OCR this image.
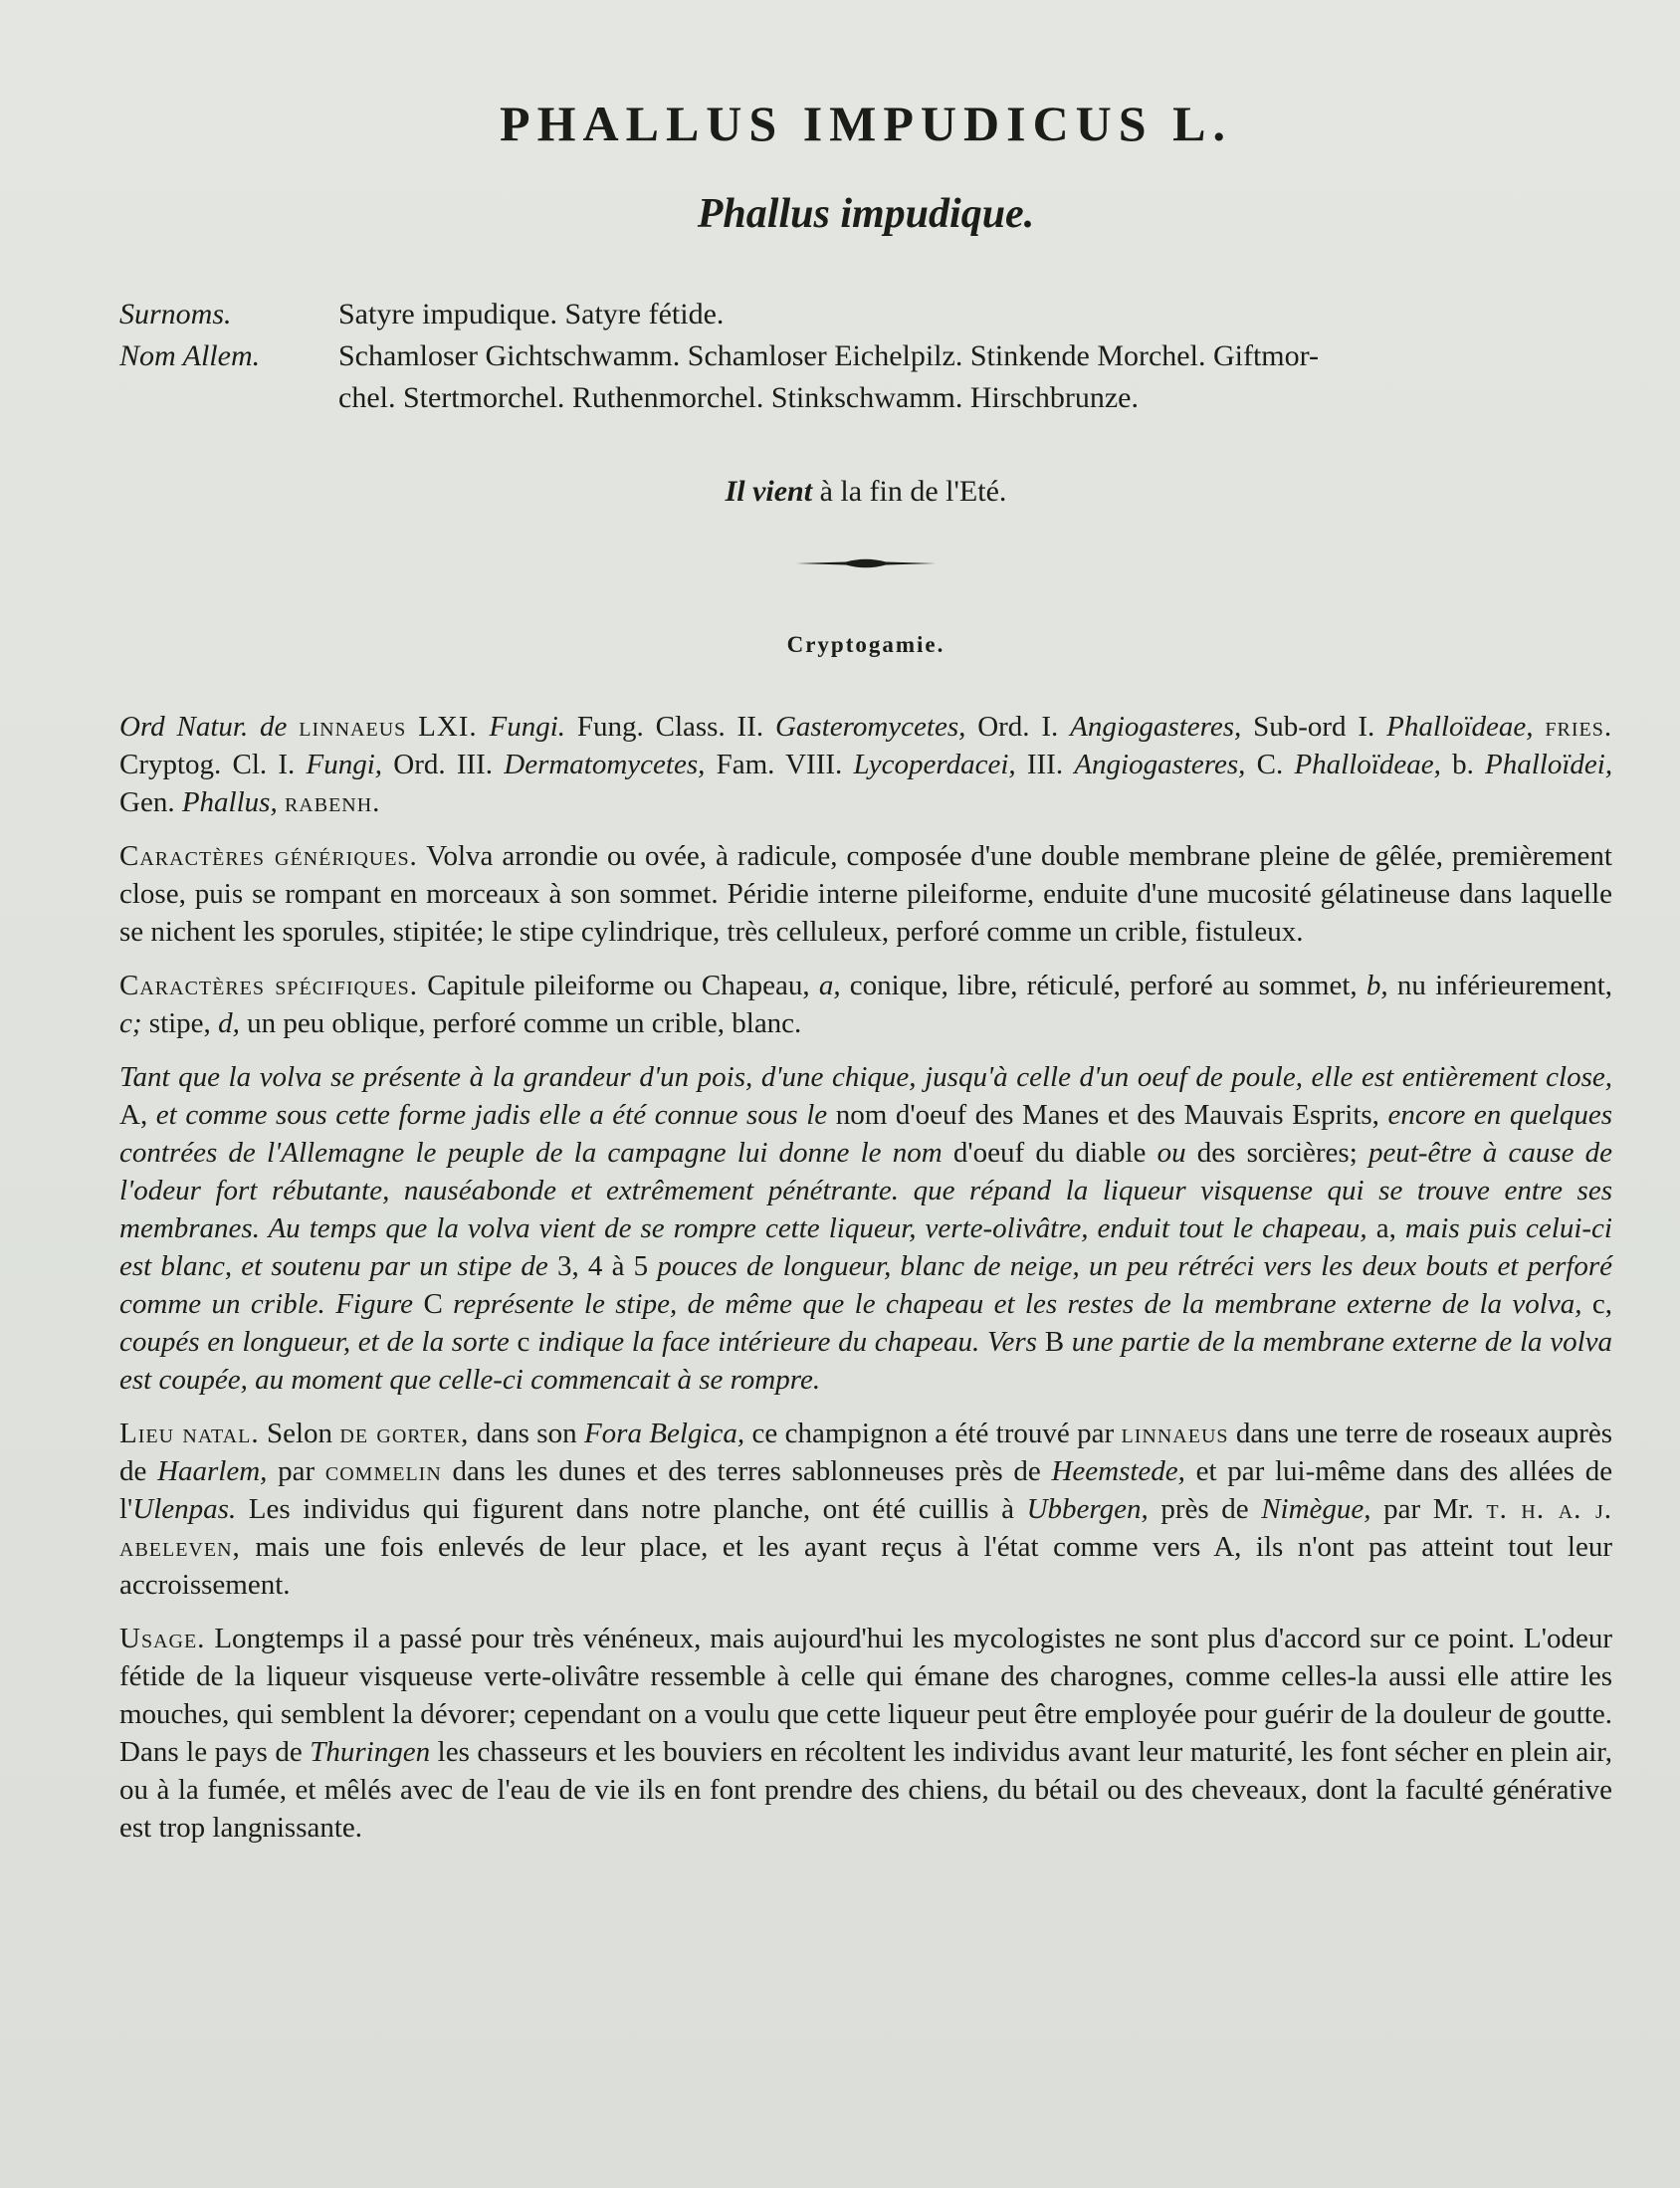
PHALLUS IMPUDICUS L.
Phallus impudique.
Surnoms.	Satyre impudique. Satyre fétide.
Nom Allem.	Schamloser Gichtschwamm. Schamloser Eichelpilz. Stinkende Morchel. Giftmor-
chel. Stertmorchel. Ruthenmorchel. Stinkschwamm. Hirschbrunze.
Il vient à la fin de l'Eté.
Cryptogamie.

Ord Natur. de linnaeus LXI. Fungi. Fung. Class. II. Gasteromycetes, Ord. I. Angiogasteres, Sub-ord I. Phalloïdeae, fries. Cryptog. Cl. I. Fungi, Ord. III. Dermatomycetes, Fam. VIII. Lycoperdacei, III. Angiogasteres, C. Phalloïdeae, b. Phalloïdei, Gen. Phallus, rabenh.

Caractères génériques. Volva arrondie ou ovée, à radicule, composée d'une double membrane pleine de gêlée, premièrement close, puis se rompant en morceaux à son sommet. Péridie interne pileiforme, enduite d'une mucosité gélatineuse dans laquelle se nichent les sporules, stipitée; le stipe cylindrique, très celluleux, perforé comme un crible, fistuleux.

Caractères spécifiques. Capitule pileiforme ou Chapeau, a, conique, libre, réticulé, perforé au sommet, b, nu inférieurement, c; stipe, d, un peu oblique, perforé comme un crible, blanc.

Tant que la volva se présente à la grandeur d'un pois, d'une chique, jusqu'à celle d'un oeuf de poule, elle est entièrement close, A, et comme sous cette forme jadis elle a été connue sous le nom d'oeuf des Manes et des Mauvais Esprits, encore en quelques contrées de l'Allemagne le peuple de la campagne lui donne le nom d'oeuf du diable ou des sorcières; peut-être à cause de l'odeur fort rébutante, nauséabonde et extrêmement pénétrante. que répand la liqueur visquense qui se trouve entre ses membranes. Au temps que la volva vient de se rompre cette liqueur, verte-olivâtre, enduit tout le chapeau, a, mais puis celui-ci est blanc, et soutenu par un stipe de 3, 4 à 5 pouces de longueur, blanc de neige, un peu rétréci vers les deux bouts et perforé comme un crible. Figure C représente le stipe, de même que le chapeau et les restes de la membrane externe de la volva, c, coupés en longueur, et de la sorte c indique la face intérieure du chapeau. Vers B une partie de la membrane externe de la volva est coupée, au moment que celle-ci commencait à se rompre.

Lieu natal. Selon de gorter, dans son Fora Belgica, ce champignon a été trouvé par linnaeus dans une terre de roseaux auprès de Haarlem, par commelin dans les dunes et des terres sablonneuses près de Heemstede, et par lui-même dans des allées de l'Ulenpas. Les individus qui figurent dans notre planche, ont été cuillis à Ubbergen, près de Nimègue, par Mr. t. h. a. j. abeleven, mais une fois enlevés de leur place, et les ayant reçus à l'état comme vers A, ils n'ont pas atteint tout leur accroissement.

Usage. Longtemps il a passé pour très vénéneux, mais aujourd'hui les mycologistes ne sont plus d'accord sur ce point. L'odeur fétide de la liqueur visqueuse verte-olivâtre ressemble à celle qui émane des charognes, comme celles-la aussi elle attire les mouches, qui semblent la dévorer; cependant on a voulu que cette liqueur peut être employée pour guérir de la douleur de goutte. Dans le pays de Thuringen les chasseurs et les bouviers en récoltent les individus avant leur maturité, les font sécher en plein air, ou à la fumée, et mêlés avec de l'eau de vie ils en font prendre des chiens, du bétail ou des cheveaux, dont la faculté générative est trop langnissante.
